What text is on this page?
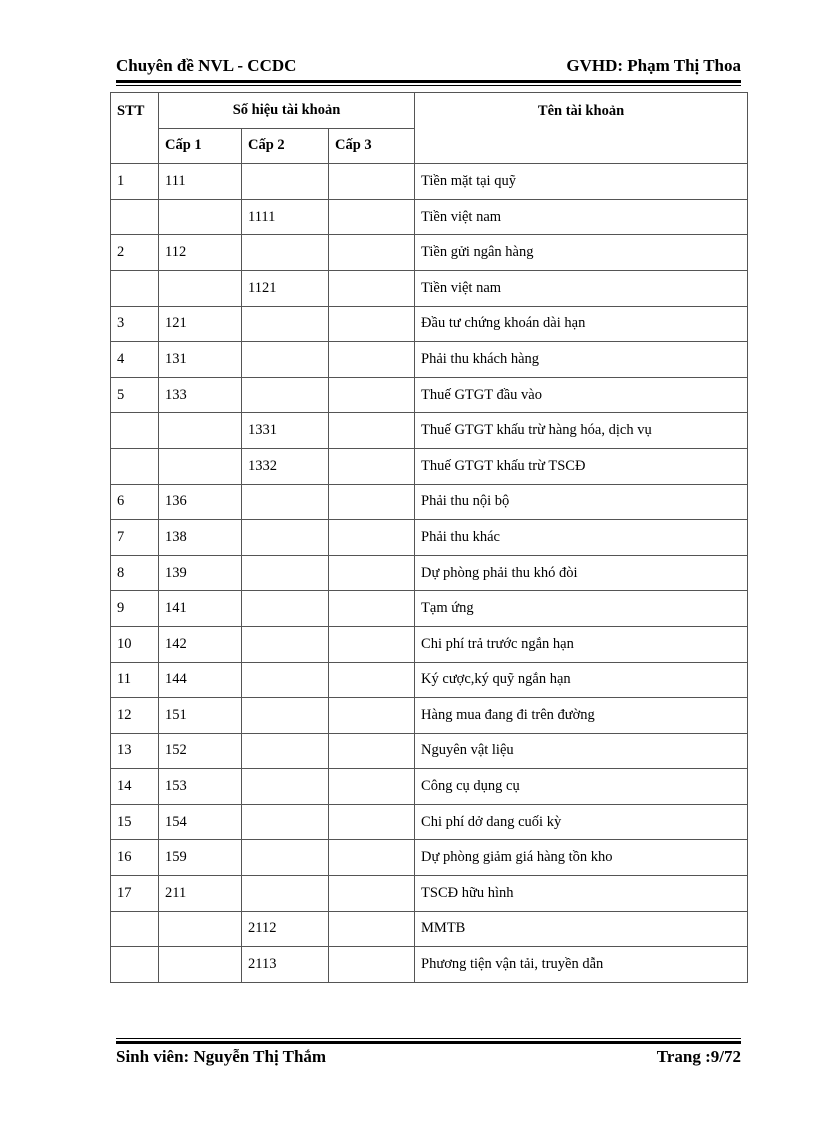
Chuyên đề NVL - CCDC	GVHD: Phạm Thị Thoa
STT	Số hiệu tài khoản			Tên tài khoản
	Cấp 1	Cấp 2	Cấp 3	
1	111			Tiền mặt tại quỹ
		1111		Tiền việt nam
2	112			Tiền gửi ngân hàng
		1121		Tiền việt nam
3	121			Đầu tư chứng khoán dài hạn
4	131			Phải thu khách hàng
5	133			Thuế GTGT đầu vào
		1331		Thuế GTGT khấu trừ hàng hóa, dịch vụ
		1332		Thuế GTGT khấu trừ TSCĐ
6	136			Phải thu nội bộ
7	138			Phải thu khác
8	139			Dự phòng phải thu khó đòi
9	141			Tạm ứng
10	142			Chi phí trả trước ngắn hạn
11	144			Ký cược,ký quỹ ngắn hạn
12	151			Hàng mua đang đi trên đường
13	152			Nguyên vật liệu
14	153			Công cụ dụng cụ
15	154			Chi phí dở dang cuối kỳ
16	159			Dự phòng giảm giá hàng tồn kho
17	211			TSCĐ hữu hình
		2112		MMTB
		2113		Phương tiện vận tải, truyền dẫn
Sinh viên: Nguyễn Thị Thắm	Trang :9/72
